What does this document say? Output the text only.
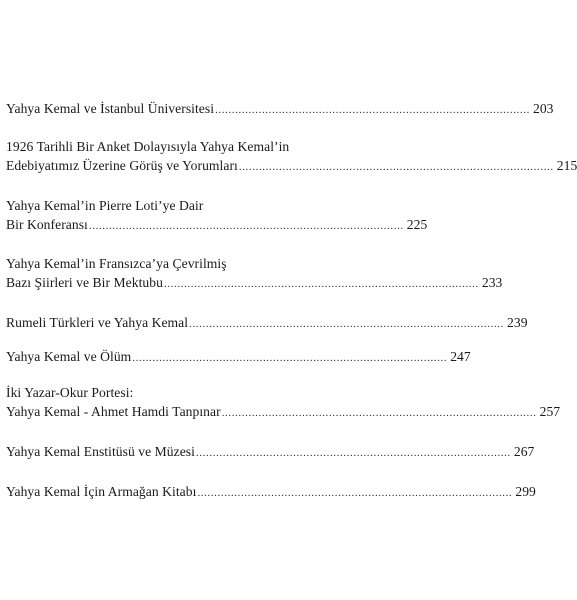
Yahya Kemal ve İstanbul Üniversitesi .............................................................................................. 203
1926 Tarihli Bir Anket Dolayısıyla Yahya Kemal’in
Edebiyatımız Üzerine Görüş ve Yorumları .............................................................................................. 215
Yahya Kemal’in Pierre Loti’ye Dair
Bir Konferansı .............................................................................................. 225
Yahya Kemal’in Fransızca’ya Çevrilmiş
Bazı Şiirleri ve Bir Mektubu .............................................................................................. 233
Rumeli Türkleri ve Yahya Kemal .............................................................................................. 239
Yahya Kemal ve Ölüm .............................................................................................. 247
İki Yazar-Okur Portesi:
Yahya Kemal - Ahmet Hamdi Tanpınar .............................................................................................. 257
Yahya Kemal Enstitüsü ve Müzesi .............................................................................................. 267
Yahya Kemal İçin Armağan Kitabı .............................................................................................. 299
